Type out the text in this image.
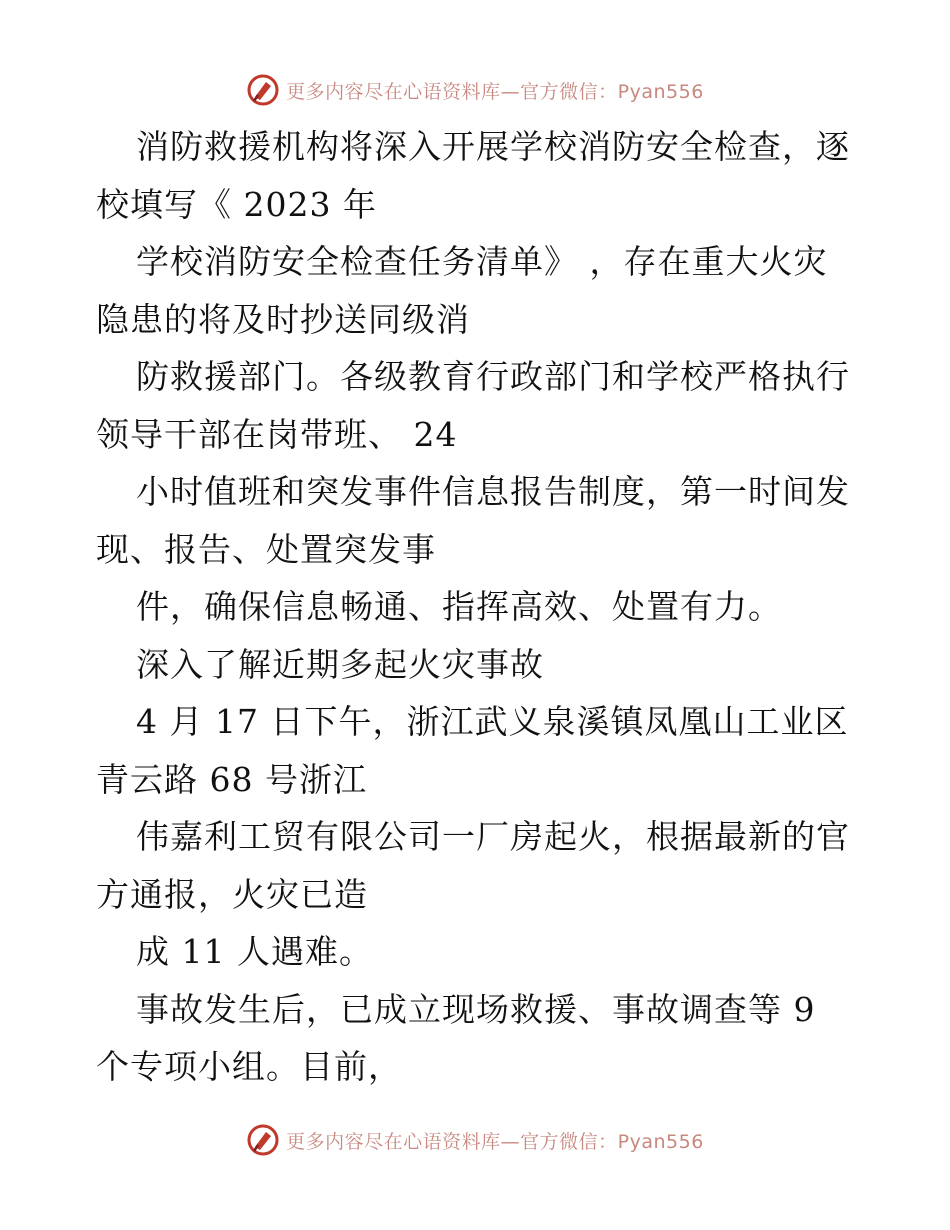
更多内容尽在心语资料库—官方微信：Pyan556
消防救援机构将深入开展学校消防安全检查，逐
校填写《 2023 年
学校消防安全检查任务清单》 ，存在重大火灾
隐患的将及时抄送同级消
防救援部门。各级教育行政部门和学校严格执行
领导干部在岗带班、 24
小时值班和突发事件信息报告制度，第一时间发
现、报告、处置突发事
件，确保信息畅通、指挥高效、处置有力。
深入了解近期多起火灾事故
4 月 17 日下午，浙江武义泉溪镇凤凰山工业区
青云路 68 号浙江
伟嘉利工贸有限公司一厂房起火，根据最新的官
方通报，火灾已造
成 11 人遇难。
事故发生后，已成立现场救援、事故调查等 9
个专项小组。目前，
更多内容尽在心语资料库—官方微信：Pyan556
